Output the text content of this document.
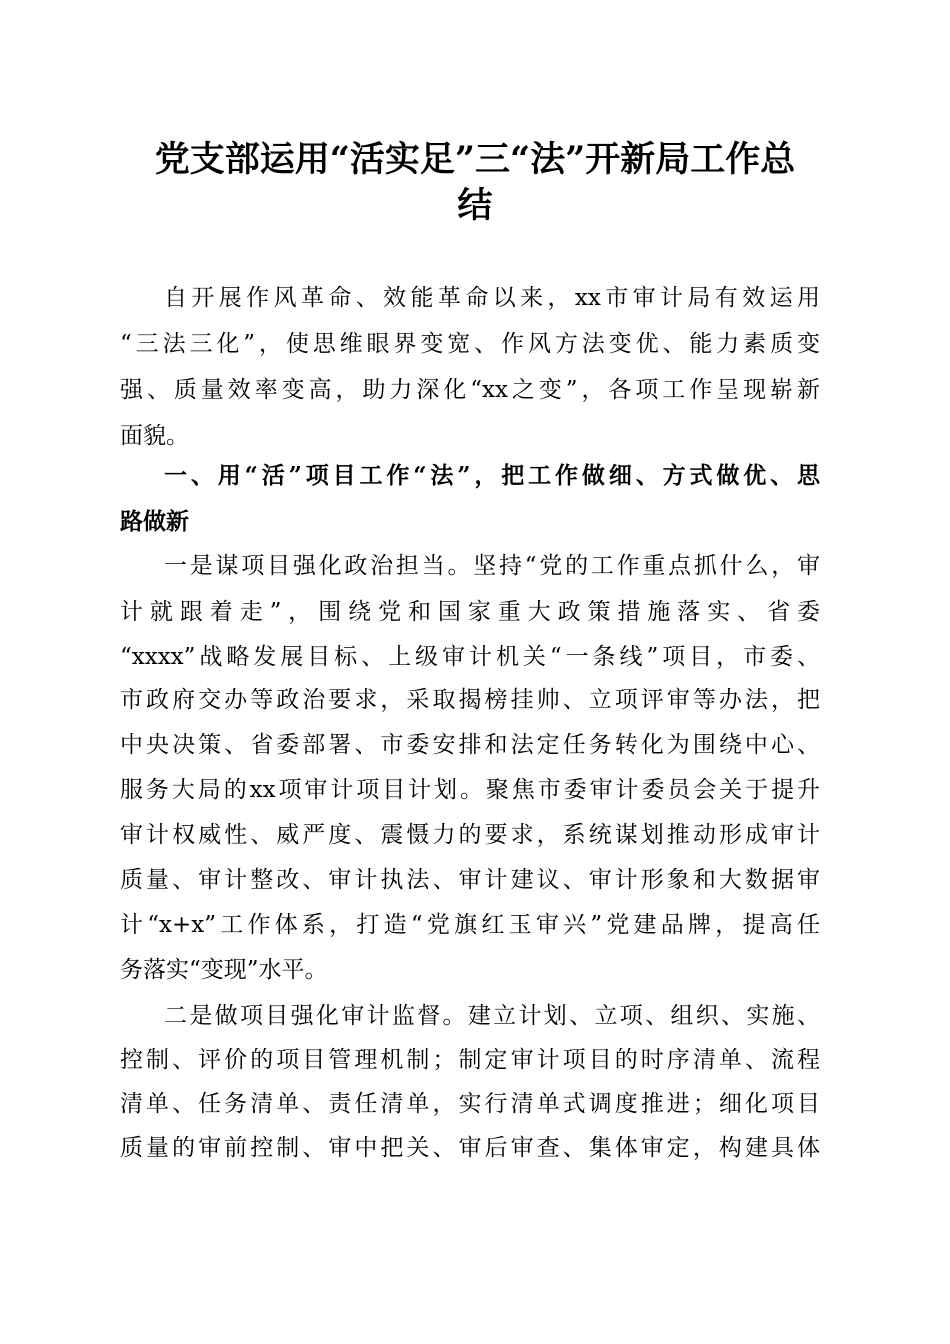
党支部运用“活实足”三“法”开新局工作总
结
自开展作风革命、效能革命以来，xx市审计局有效运用
“三法三化”，使思维眼界变宽、作风方法变优、能力素质变
强、质量效率变高，助力深化“xx之变”，各项工作呈现崭新
面貌。
一、用“活”项目工作“法”，把工作做细、方式做优、思
路做新
一是谋项目强化政治担当。坚持“党的工作重点抓什么，审
计就跟着走”，围绕党和国家重大政策措施落实、省委
“xxxx”战略发展目标、上级审计机关“一条线”项目，市委、
市政府交办等政治要求，采取揭榜挂帅、立项评审等办法，把
中央决策、省委部署、市委安排和法定任务转化为围绕中心、
服务大局的xx项审计项目计划。聚焦市委审计委员会关于提升
审计权威性、威严度、震慑力的要求，系统谋划推动形成审计
质量、审计整改、审计执法、审计建议、审计形象和大数据审
计“x+x”工作体系，打造“党旗红玉审兴”党建品牌，提高任
务落实“变现”水平。
二是做项目强化审计监督。建立计划、立项、组织、实施、
控制、评价的项目管理机制；制定审计项目的时序清单、流程
清单、任务清单、责任清单，实行清单式调度推进；细化项目
质量的审前控制、审中把关、审后审查、集体审定，构建具体
